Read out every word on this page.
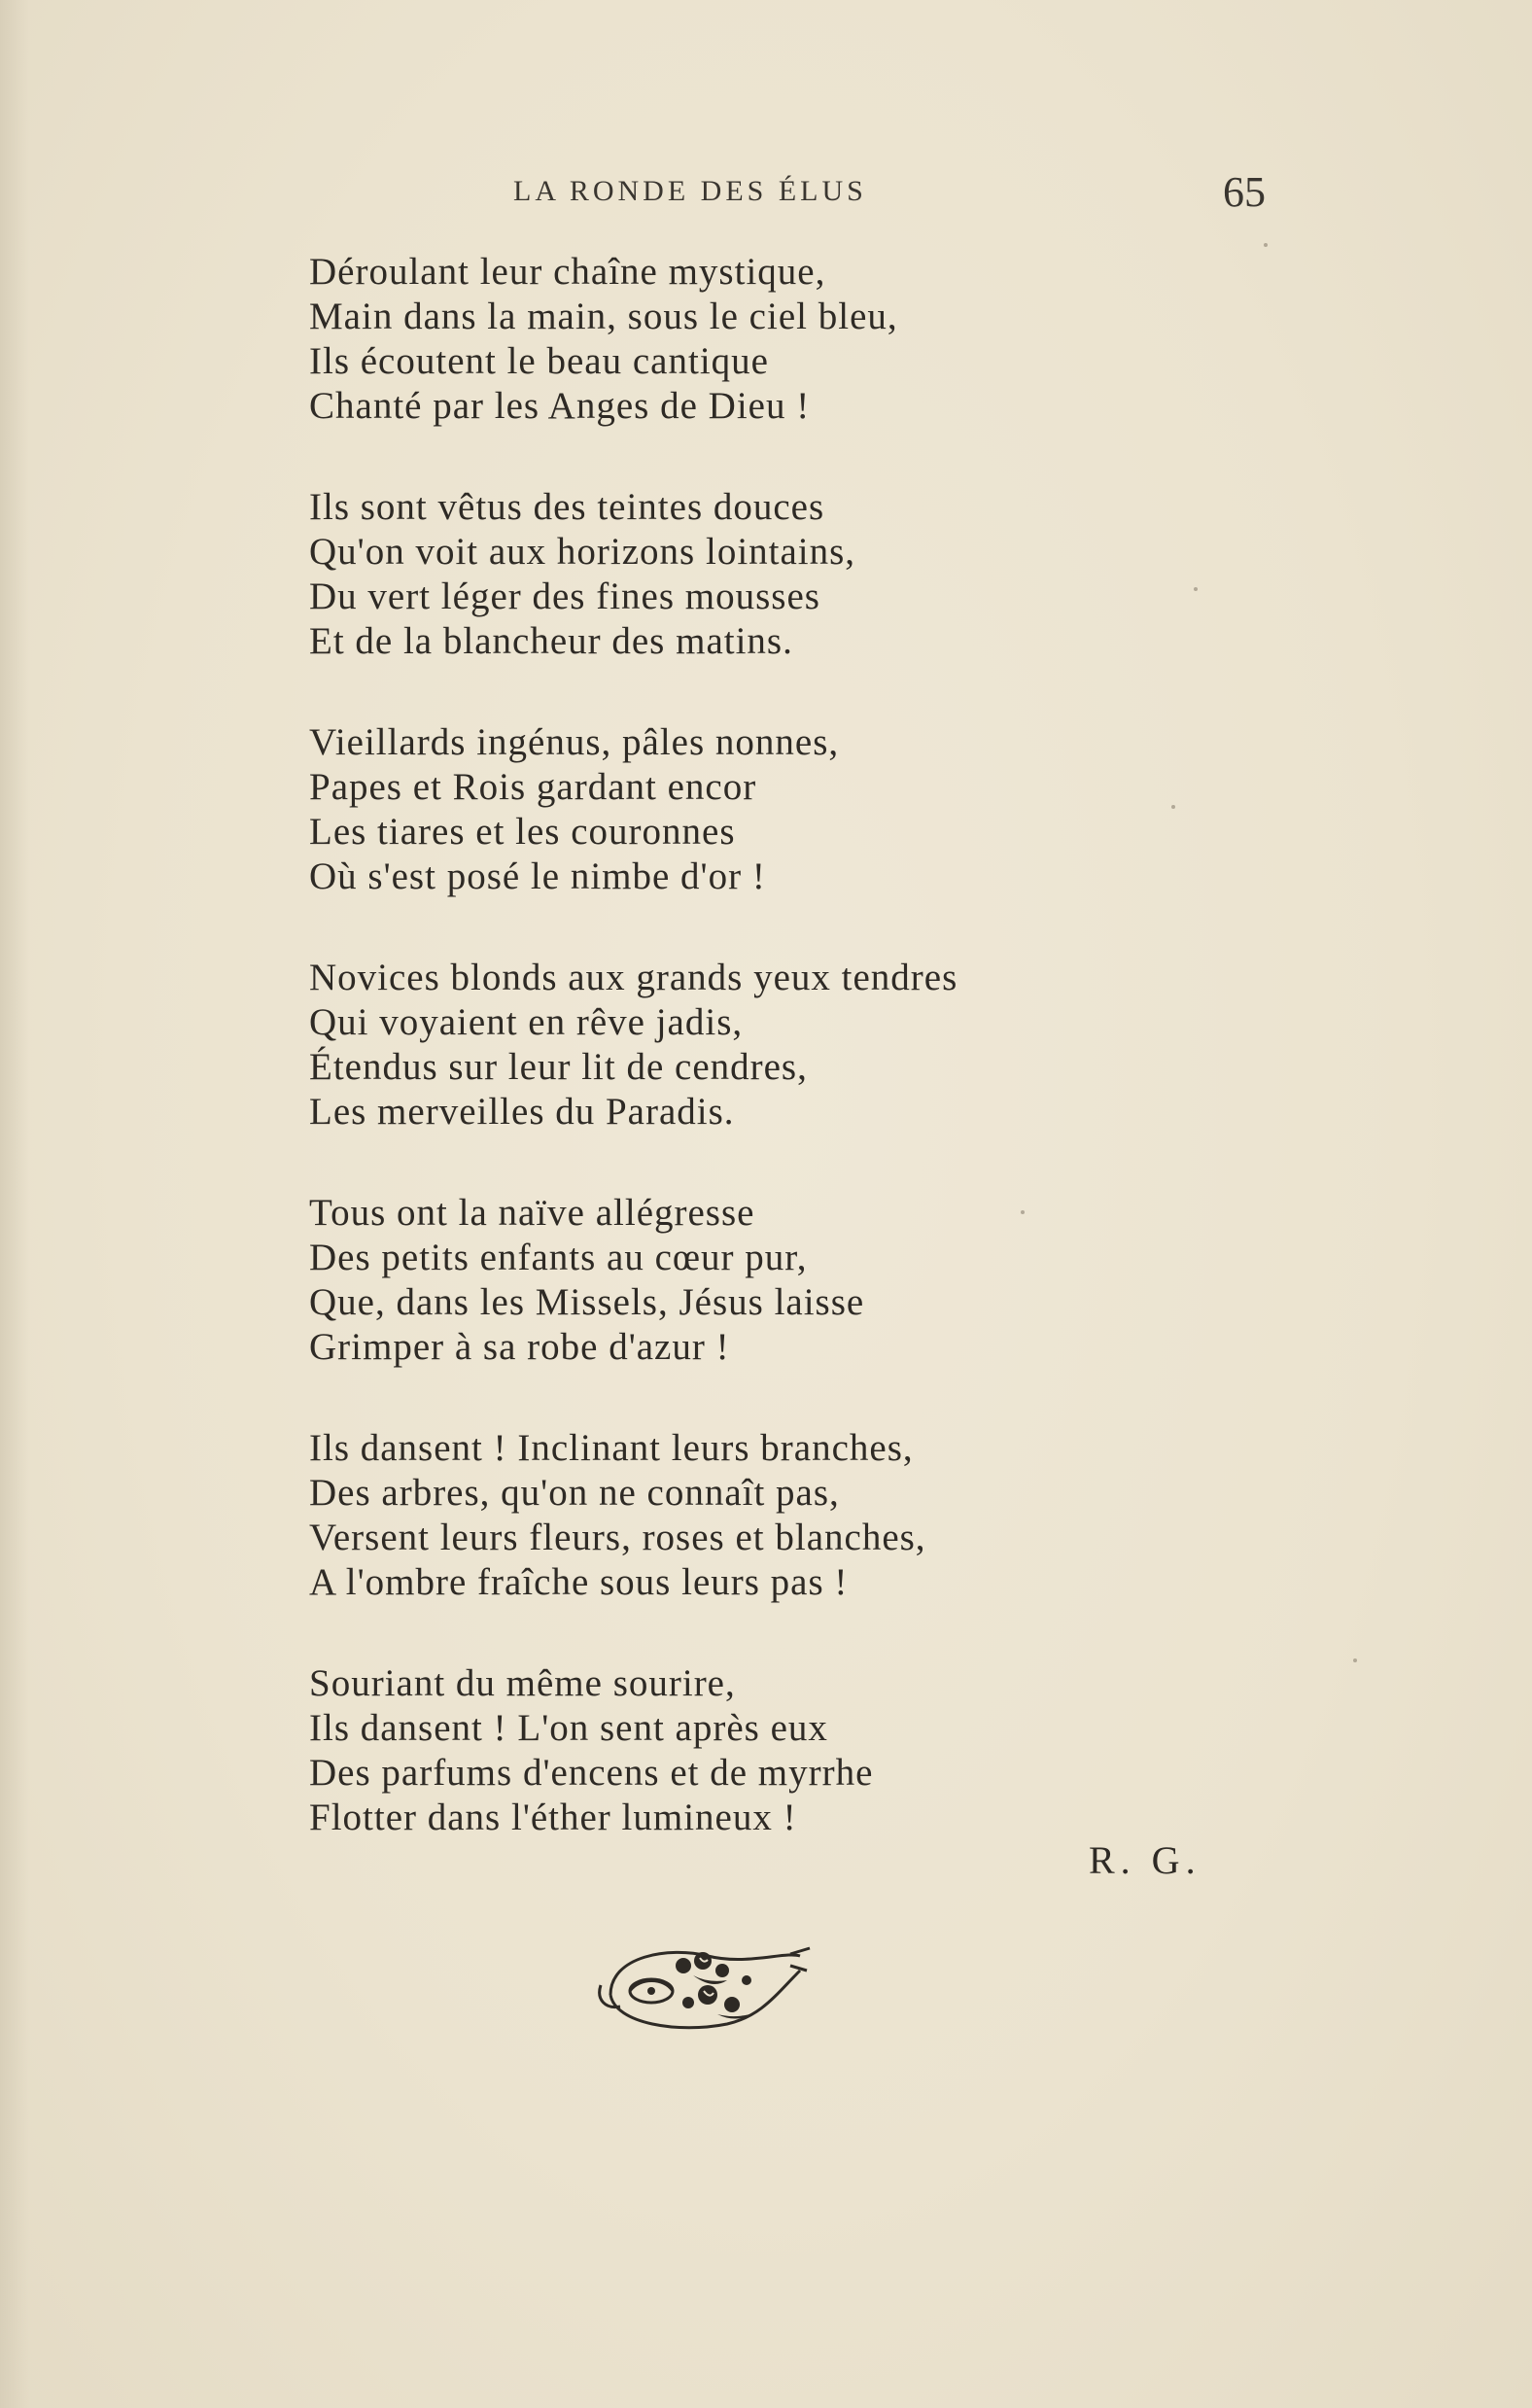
LA RONDE DES ÉLUS	65
Déroulant leur chaîne mystique,
Main dans la main, sous le ciel bleu,
Ils écoutent le beau cantique
Chanté par les Anges de Dieu !
Ils sont vêtus des teintes douces
Qu'on voit aux horizons lointains,
Du vert léger des fines mousses
Et de la blancheur des matins.
Vieillards ingénus, pâles nonnes,
Papes et Rois gardant encor
Les tiares et les couronnes
Où s'est posé le nimbe d'or !
Novices blonds aux grands yeux tendres
Qui voyaient en rêve jadis,
Étendus sur leur lit de cendres,
Les merveilles du Paradis.
Tous ont la naïve allégresse
Des petits enfants au cœur pur,
Que, dans les Missels, Jésus laisse
Grimper à sa robe d'azur !
Ils dansent ! Inclinant leurs branches,
Des arbres, qu'on ne connaît pas,
Versent leurs fleurs, roses et blanches,
A l'ombre fraîche sous leurs pas !
Souriant du même sourire,
Ils dansent ! L'on sent après eux
Des parfums d'encens et de myrrhe
Flotter dans l'éther lumineux !
R. G.
